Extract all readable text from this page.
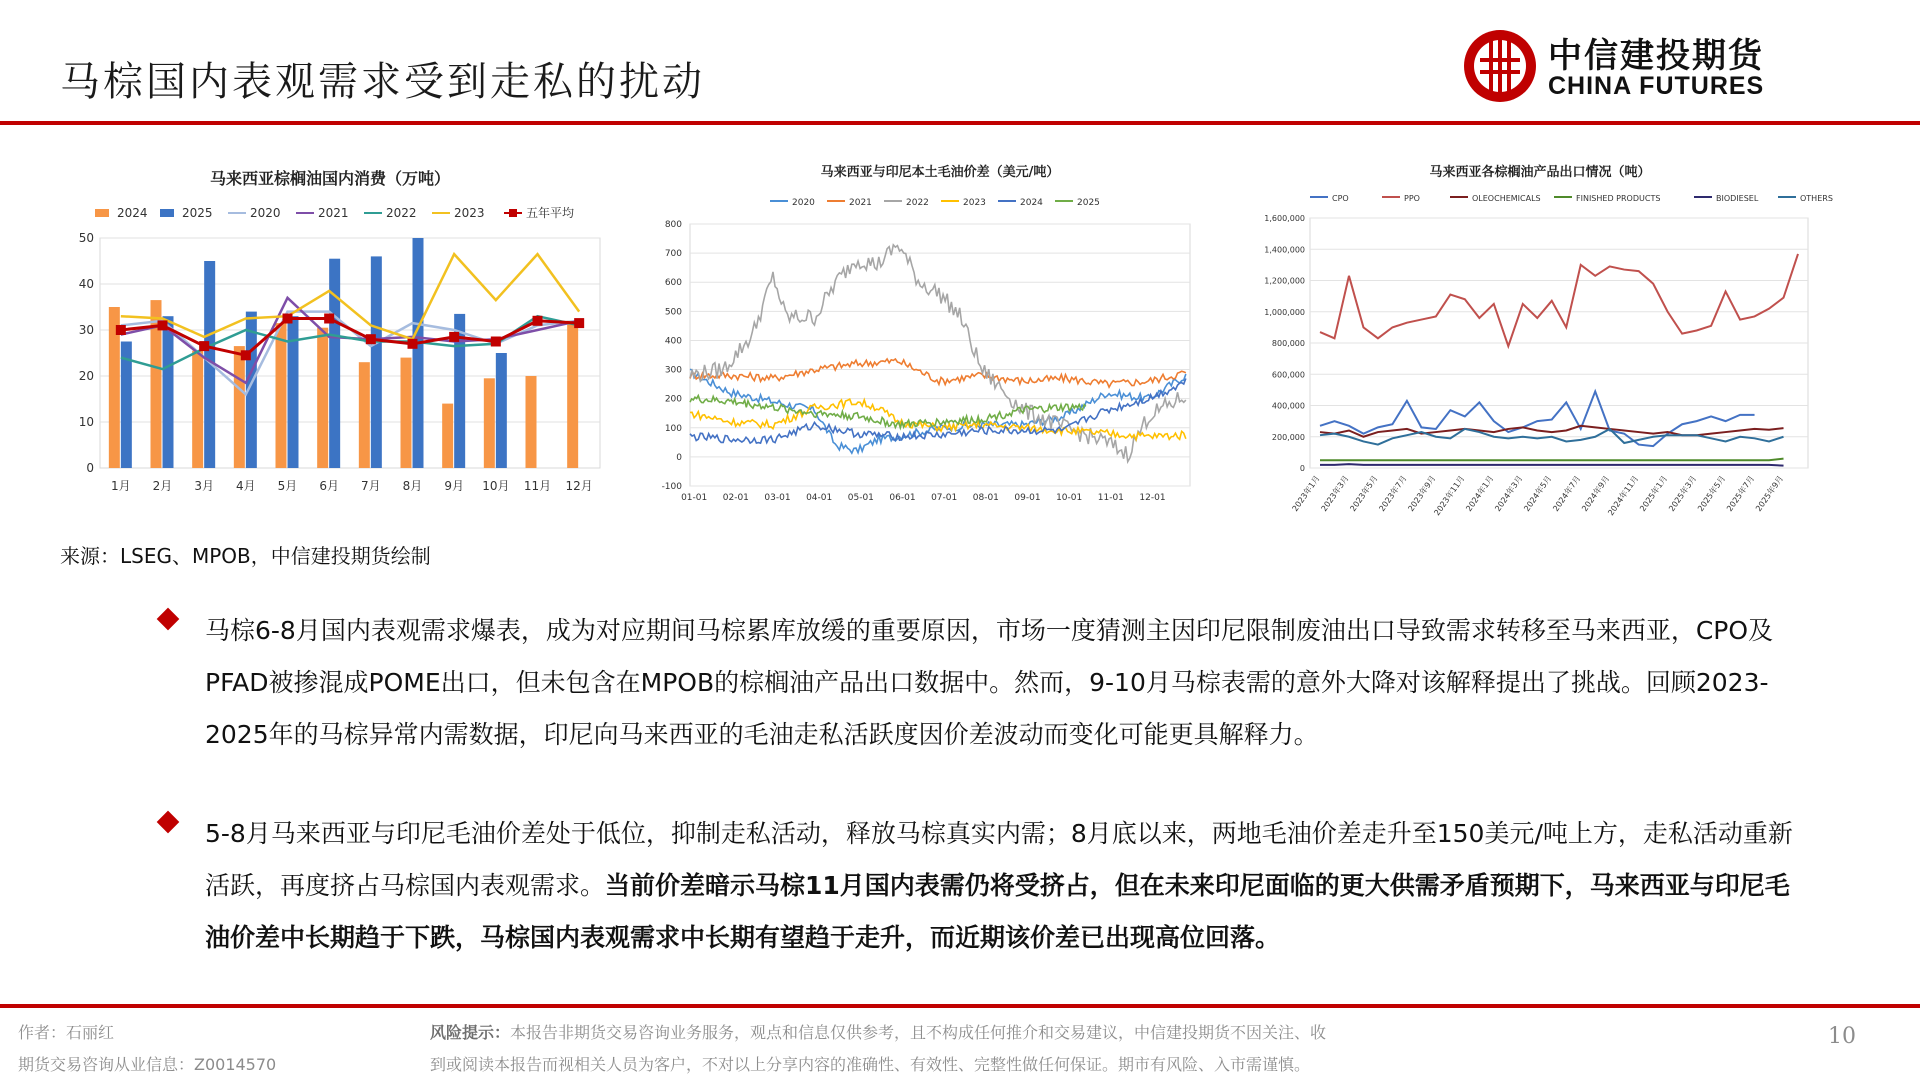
马棕国内表观需求受到走私的扰动
中信建投期货
CHINA FUTURES
马来西亚棕榈油国内消费（万吨）
2024	2025	2020	2021	2022	2023	五年平均
0
10
20
30
40
50
1月 2月 3月 4月 5月 6月 7月 8月 9月 10月 11月 12月
马来西亚与印尼本土毛油价差（美元/吨）
2020	2021	2022	2023	2024	2025
-100
0
100
200
300
400
500
600
700
800
01-01 02-01 03-01 04-01 05-01 06-01 07-01 08-01 09-01 10-01 11-01 12-01
马来西亚各棕榈油产品出口情况（吨）
CPO	PPO	OLEOCHEMICALS	FINISHED PRODUCTS	BIODIESEL	OTHERS
0
200,000
400,000
600,000
800,000
1,000,000
1,200,000
1,400,000
1,600,000
2023年1月
2023年3月
2023年5月
2023年7月
2023年9月
2023年11月
2024年1月
2024年3月
2024年5月
2024年7月
2024年9月
2024年11月
2025年1月
2025年3月
2025年5月
2025年7月
2025年9月
来源：LSEG、MPOB，中信建投期货绘制
马棕6-8月国内表观需求爆表，成为对应期间马棕累库放缓的重要原因，市场一度猜测主因印尼限制废油出口导致需求转移至马来西亚，CPO及PFAD被掺混成POME出口，但未包含在MPOB的棕榈油产品出口数据中。然而，9-10月马棕表需的意外大降对该解释提出了挑战。回顾2023-2025年的马棕异常内需数据，印尼向马来西亚的毛油走私活跃度因价差波动而变化可能更具解释力。
5-8月马来西亚与印尼毛油价差处于低位，抑制走私活动，释放马棕真实内需；8月底以来，两地毛油价差走升至150美元/吨上方，走私活动重新活跃，再度挤占马棕国内表观需求。当前价差暗示马棕11月国内表需仍将受挤占，但在未来印尼面临的更大供需矛盾预期下，马来西亚与印尼毛油价差中长期趋于下跌，马棕国内表观需求中长期有望趋于走升，而近期该价差已出现高位回落。
作者：石丽红
期货交易咨询从业信息：Z0014570
风险提示：本报告非期货交易咨询业务服务，观点和信息仅供参考，且不构成任何推介和交易建议，中信建投期货不因关注、收
到或阅读本报告而视相关人员为客户，不对以上分享内容的准确性、有效性、完整性做任何保证。期市有风险、入市需谨慎。
10
